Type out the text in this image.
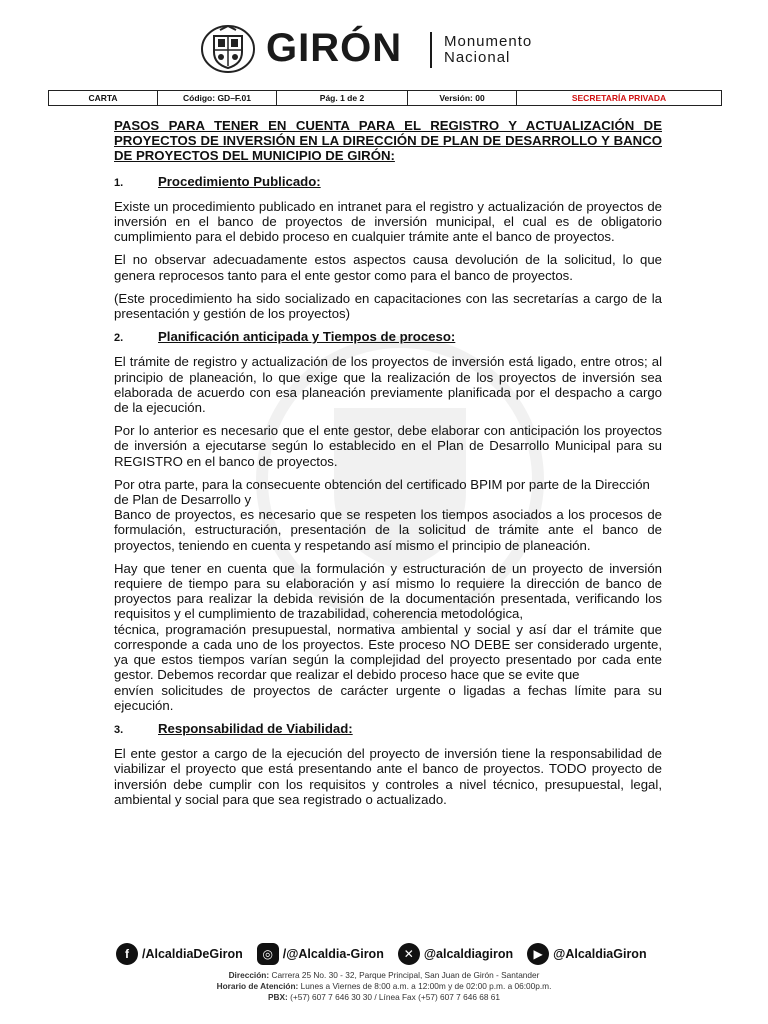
GIRÓN	Monumento
Nacional
CARTA	Código: GD–F.01	Pág. 1 de 2	Versión: 00	SECRETARÍA PRIVADA
PASOS PARA TENER EN CUENTA PARA EL REGISTRO Y ACTUALIZACIÓN DE PROYECTOS DE INVERSIÓN EN LA DIRECCIÓN DE PLAN DE DESARROLLO Y BANCO DE PROYECTOS DEL MUNICIPIO DE GIRÓN:
1.	Procedimiento Publicado:

Existe un procedimiento publicado en intranet para el registro y actualización de proyectos de inversión en el banco de proyectos de inversión municipal, el cual es de obligatorio cumplimiento para el debido proceso en cualquier trámite ante el banco de proyectos.

El no observar adecuadamente estos aspectos causa devolución de la solicitud, lo que genera reprocesos tanto para el ente gestor como para el banco de proyectos.

(Este procedimiento ha sido socializado en capacitaciones con las secretarías a cargo de la presentación y gestión de los proyectos)

2.	Planificación anticipada y Tiempos de proceso:

El trámite de registro y actualización de los proyectos de inversión está ligado, entre otros; al principio de planeación, lo que exige que la realización de los proyectos de inversión sea elaborada de acuerdo con esa planeación previamente planificada por el despacho a cargo de la ejecución.

Por lo anterior es necesario que el ente gestor, debe elaborar con anticipación los proyectos de inversión a ejecutarse según lo establecido en el Plan de Desarrollo Municipal para su REGISTRO en el banco de proyectos.

Por otra parte, para la consecuente obtención del certificado BPIM por parte de la Dirección de Plan de Desarrollo y

Banco de proyectos, es necesario que se respeten los tiempos asociados a los procesos de formulación, estructuración, presentación de la solicitud de trámite ante el banco de proyectos, teniendo en cuenta y respetando así mismo el principio de planeación.

Hay que tener en cuenta que la formulación y estructuración de un proyecto de inversión requiere de tiempo para su elaboración y así mismo lo requiere la dirección de banco de proyectos para realizar la debida revisión de la documentación presentada, verificando los requisitos y el cumplimiento de trazabilidad, coherencia metodológica,

técnica, programación presupuestal, normativa ambiental y social y así dar el trámite que corresponde a cada uno de los proyectos. Este proceso NO DEBE ser considerado urgente, ya que estos tiempos varían según la complejidad del proyecto presentado por cada ente gestor. Debemos recordar que realizar el debido proceso hace que se evite que

envíen solicitudes de proyectos de carácter urgente o ligadas a fechas límite para su ejecución.

3.	Responsabilidad de Viabilidad:

El ente gestor a cargo de la ejecución del proyecto de inversión tiene la responsabilidad de viabilizar el proyecto que está presentando ante el banco de proyectos. TODO proyecto de inversión debe cumplir con los requisitos y controles a nivel técnico, presupuestal, legal, ambiental y social para que sea registrado o actualizado.

f	/AlcaldiaDeGiron	◎ /@Alcaldia-Giron	✕ @alcaldiagiron	▶ @AlcaldiaGiron
Dirección: Carrera 25 No. 30 - 32, Parque Principal, San Juan de Girón - Santander
Horario de Atención: Lunes a Viernes de 8:00 a.m. a 12:00m y de 02:00 p.m. a 06:00p.m.
PBX: (+57) 607 7 646 30 30 / Línea Fax (+57) 607 7 646 68 61
